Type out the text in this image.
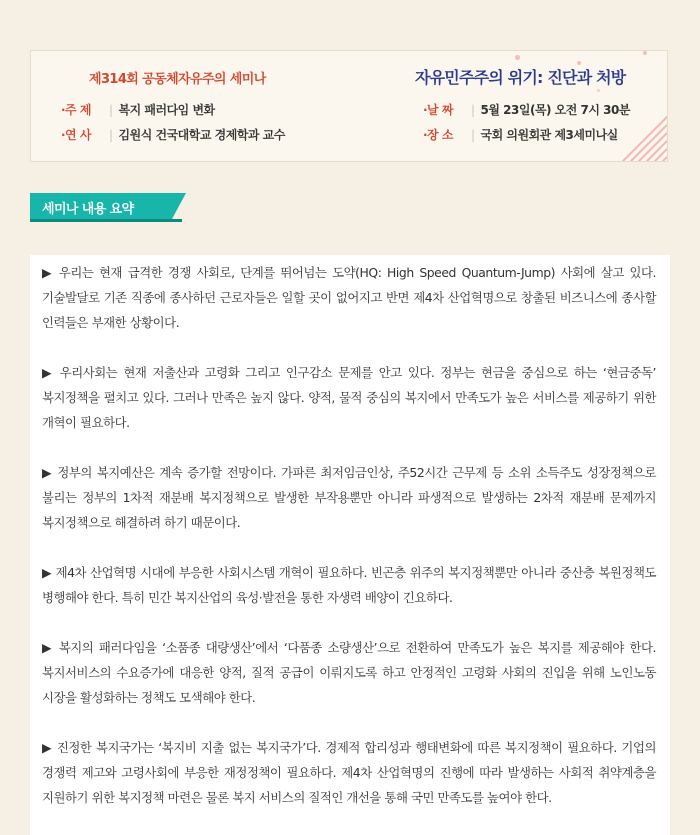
제314회 공동체자유주의 세미나	자유민주주의 위기: 진단과 처방
·주 제 | 복지 패러다임 변화
·연 사 | 김원식 건국대학교 경제학과 교수
·날 짜 | 5월 23일(목) 오전 7시 30분
·장 소 | 국회 의원회관 제3세미나실
세미나 내용 요약

▶ 우리는 현재 급격한 경쟁 사회로, 단계를 뛰어넘는 도약(HQ: High Speed Quantum-Jump) 사회에 살고 있다. 기술발달로 기존 직종에 종사하던 근로자들은 일할 곳이 없어지고 반면 제4차 산업혁명으로 창출된 비즈니스에 종사할 인력들은 부재한 상황이다.

▶ 우리사회는 현재 저출산과 고령화 그리고 인구감소 문제를 안고 있다. 정부는 현금을 중심으로 하는 ‘현금중독’ 복지정책을 펼치고 있다. 그러나 만족은 높지 않다. 양적, 물적 중심의 복지에서 만족도가 높은 서비스를 제공하기 위한 개혁이 필요하다.

▶ 정부의 복지예산은 계속 증가할 전망이다. 가파른 최저임금인상, 주52시간 근무제 등 소위 소득주도 성장정책으로 불리는 정부의 1차적 재분배 복지정책으로 발생한 부작용뿐만 아니라 파생적으로 발생하는 2차적 재분배 문제까지 복지정책으로 해결하려 하기 때문이다.

▶ 제4차 산업혁명 시대에 부응한 사회시스템 개혁이 필요하다. 빈곤층 위주의 복지정책뿐만 아니라 중산층 복원정책도 병행해야 한다. 특히 민간 복지산업의 육성·발전을 통한 자생력 배양이 긴요하다.

▶ 복지의 패러다임을 ‘소품종 대량생산’에서 ‘다품종 소량생산’으로 전환하여 만족도가 높은 복지를 제공해야 한다. 복지서비스의 수요증가에 대응한 양적, 질적 공급이 이뤄지도록 하고 안정적인 고령화 사회의 진입을 위해 노인노동 시장을 활성화하는 정책도 모색해야 한다.

▶ 진정한 복지국가는 ‘복지비 지출 없는 복지국가’다. 경제적 합리성과 행태변화에 따른 복지정책이 필요하다. 기업의 경쟁력 제고와 고령사회에 부응한 재정정책이 필요하다. 제4차 산업혁명의 진행에 따라 발생하는 사회적 취약계층을 지원하기 위한 복지정책 마련은 물론 복지 서비스의 질적인 개선을 통해 국민 만족도를 높여야 한다.
